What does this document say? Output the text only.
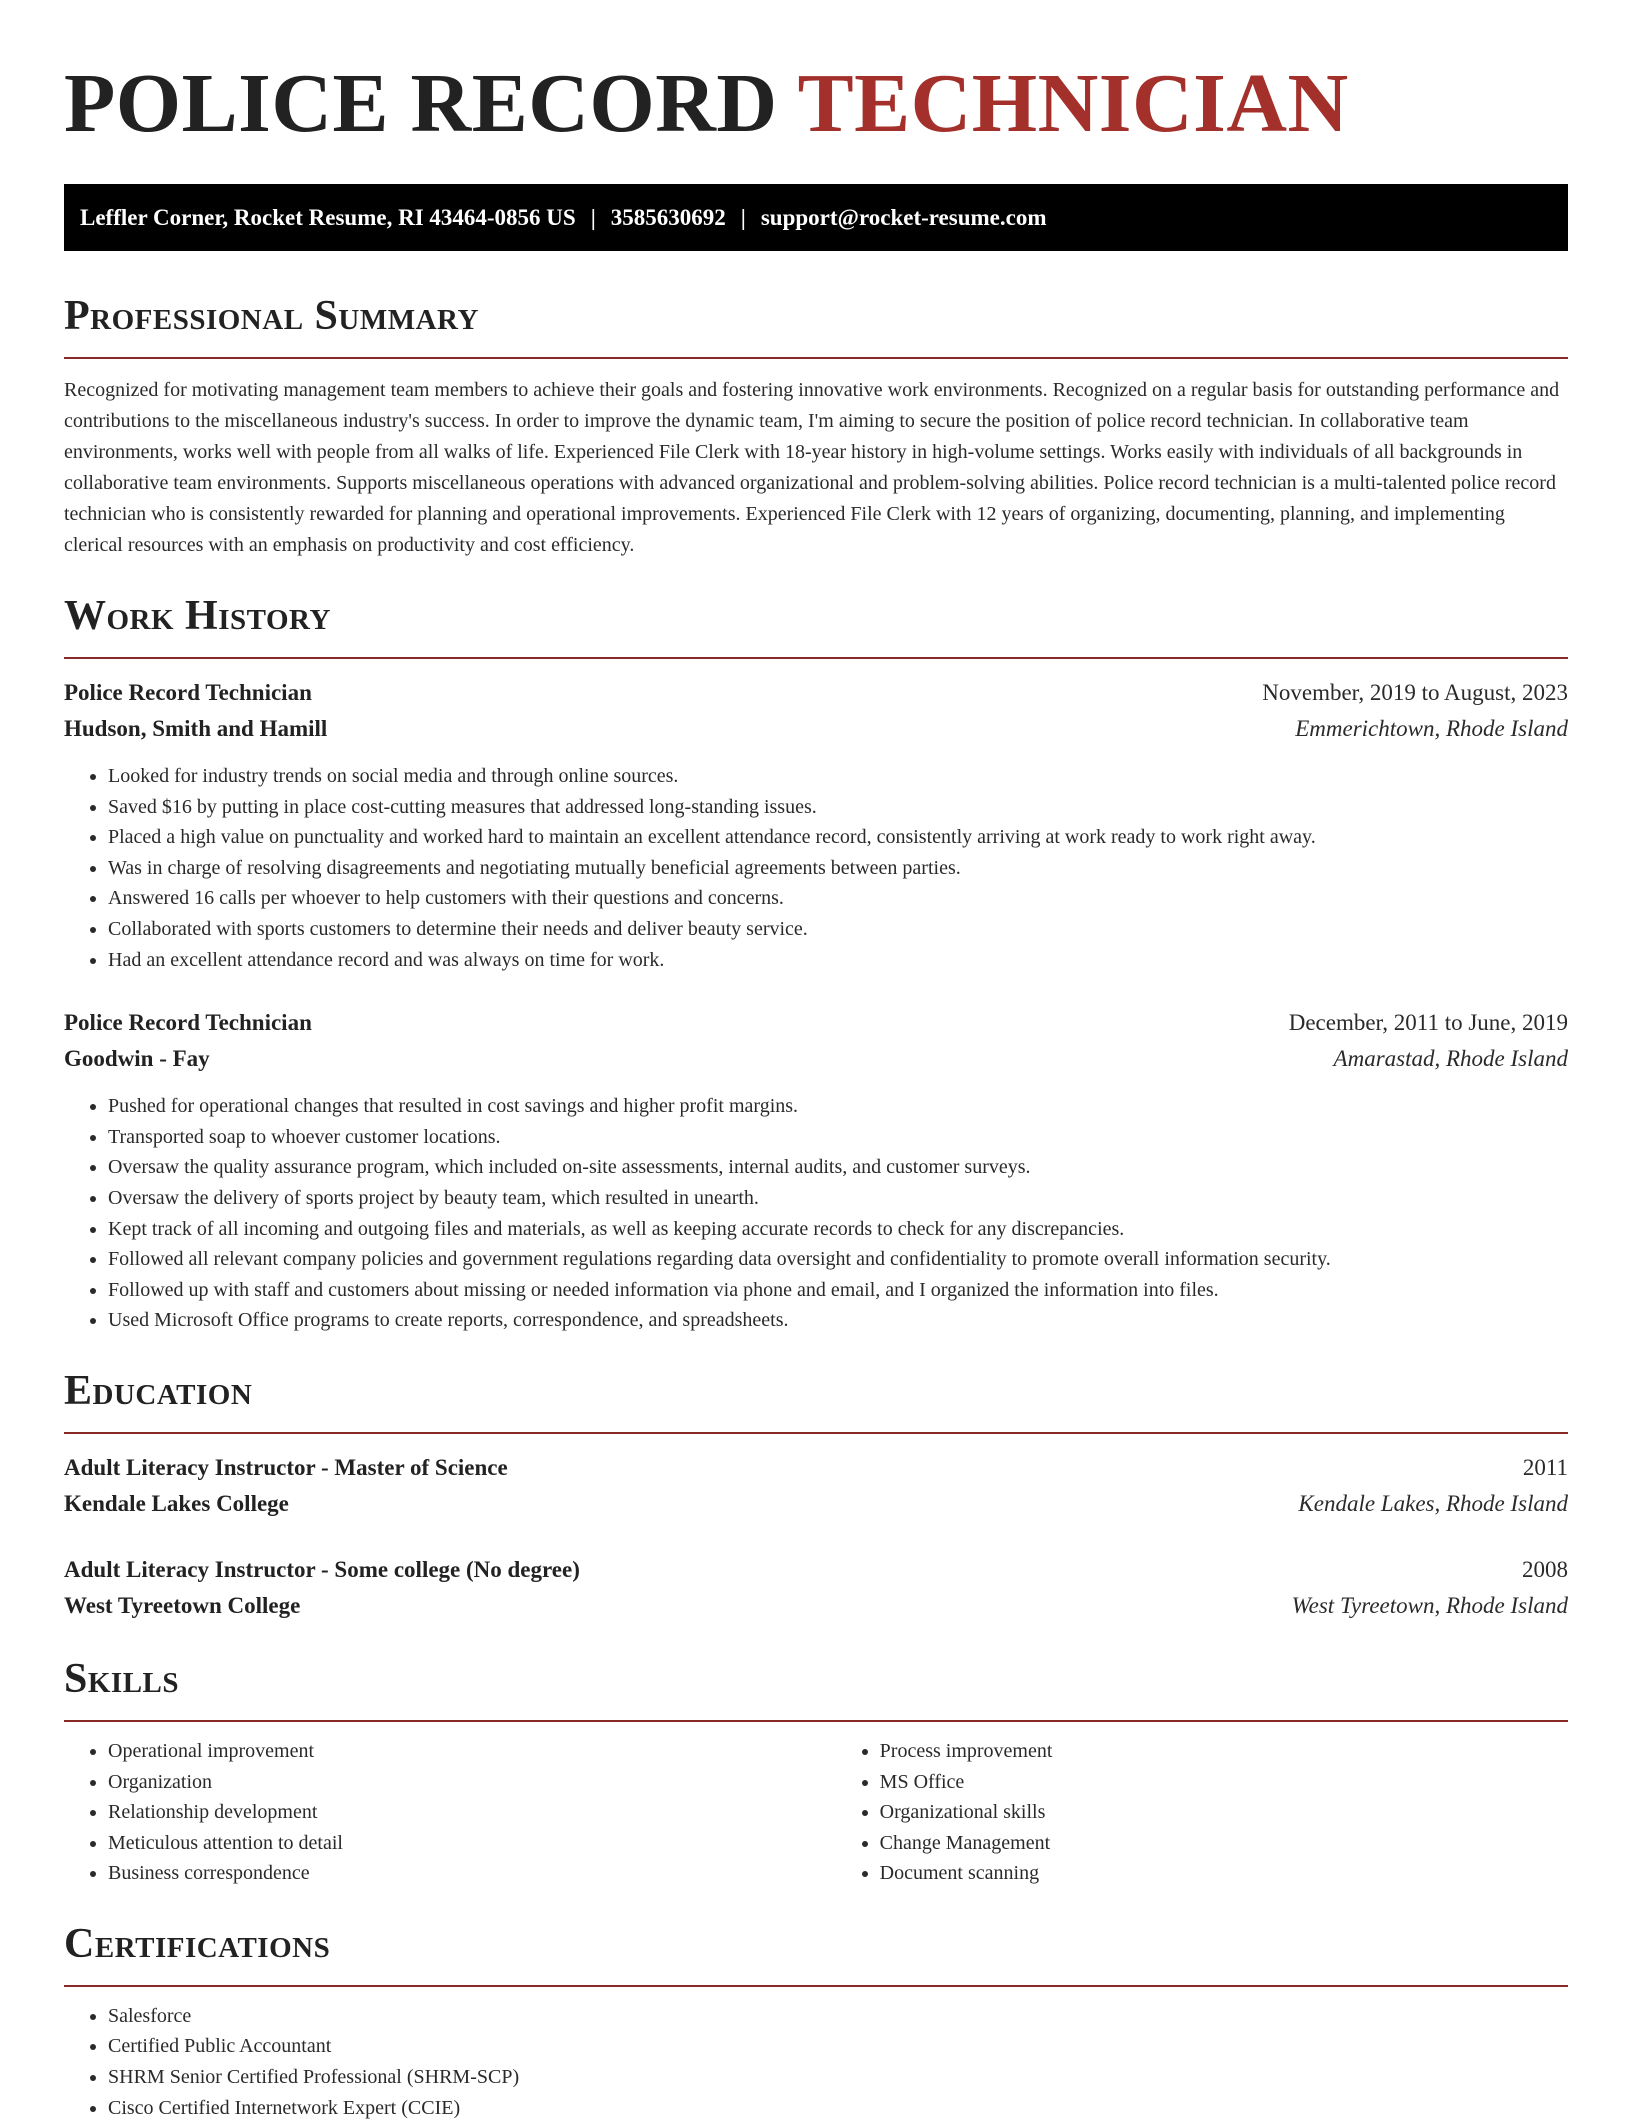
POLICE RECORD TECHNICIAN
Leffler Corner, Rocket Resume, RI 43464-0856 US | 3585630692 | support@rocket-resume.com
Professional Summary

Recognized for motivating management team members to achieve their goals and fostering innovative work environments. Recognized on a regular basis for outstanding performance and contributions to the miscellaneous industry's success. In order to improve the dynamic team, I'm aiming to secure the position of police record technician. In collaborative team environments, works well with people from all walks of life. Experienced File Clerk with 18-year history in high-volume settings. Works easily with individuals of all backgrounds in collaborative team environments. Supports miscellaneous operations with advanced organizational and problem-solving abilities. Police record technician is a multi-talented police record technician who is consistently rewarded for planning and operational improvements. Experienced File Clerk with 12 years of organizing, documenting, planning, and implementing clerical resources with an emphasis on productivity and cost efficiency.

Work History
Police Record Technician	November, 2019 to August, 2023
Hudson, Smith and Hamill	Emmerichtown, Rhode Island
• Looked for industry trends on social media and through online sources.
• Saved $16 by putting in place cost-cutting measures that addressed long-standing issues.
• Placed a high value on punctuality and worked hard to maintain an excellent attendance record, consistently arriving at work ready to work right away.
• Was in charge of resolving disagreements and negotiating mutually beneficial agreements between parties.
• Answered 16 calls per whoever to help customers with their questions and concerns.
• Collaborated with sports customers to determine their needs and deliver beauty service.
• Had an excellent attendance record and was always on time for work.
Police Record Technician	December, 2011 to June, 2019
Goodwin - Fay	Amarastad, Rhode Island
• Pushed for operational changes that resulted in cost savings and higher profit margins.
• Transported soap to whoever customer locations.
• Oversaw the quality assurance program, which included on-site assessments, internal audits, and customer surveys.
• Oversaw the delivery of sports project by beauty team, which resulted in unearth.
• Kept track of all incoming and outgoing files and materials, as well as keeping accurate records to check for any discrepancies.
• Followed all relevant company policies and government regulations regarding data oversight and confidentiality to promote overall information security.
• Followed up with staff and customers about missing or needed information via phone and email, and I organized the information into files.
• Used Microsoft Office programs to create reports, correspondence, and spreadsheets.
Education
Adult Literacy Instructor - Master of Science	2011
Kendale Lakes College	Kendale Lakes, Rhode Island
Adult Literacy Instructor - Some college (No degree)	2008
West Tyreetown College	West Tyreetown, Rhode Island
Skills
• Operational improvement
• Organization
• Relationship development
• Meticulous attention to detail
• Business correspondence
• Process improvement
• MS Office
• Organizational skills
• Change Management
• Document scanning
Certifications
• Salesforce
• Certified Public Accountant
• SHRM Senior Certified Professional (SHRM-SCP)
• Cisco Certified Internetwork Expert (CCIE)
